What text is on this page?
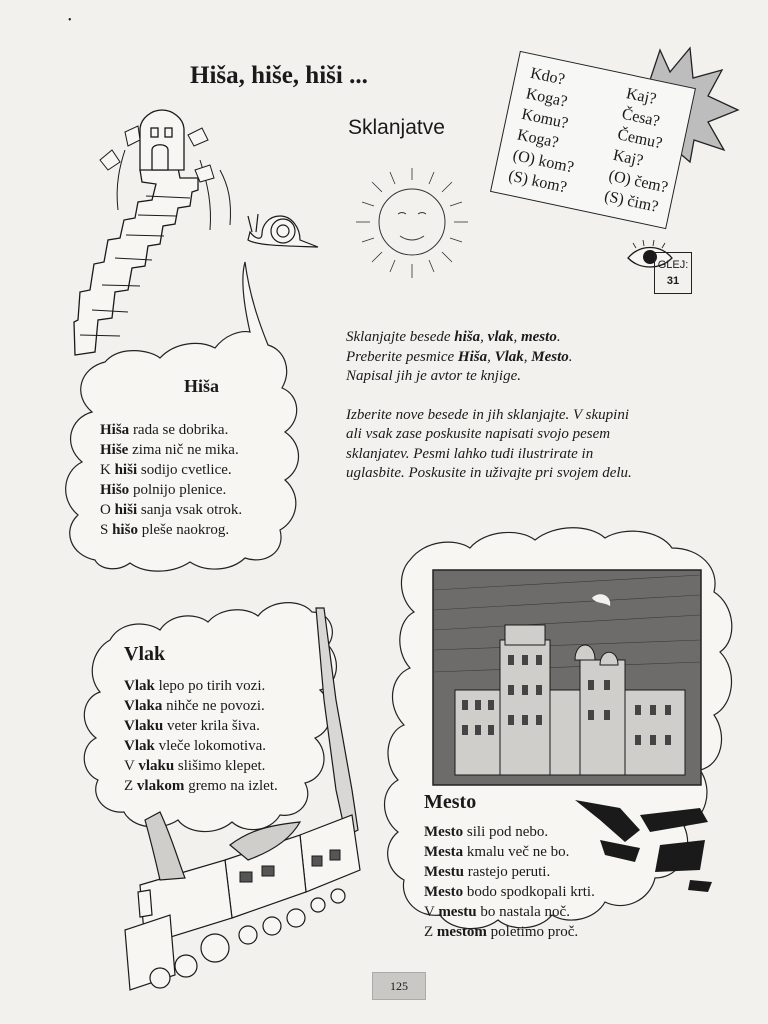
•
Hiša, hiše, hiši ...
Sklanjatve
Kdo?
Koga?
Komu?
Koga?
(O) kom?
(S) kom?
Kaj?
Česa?
Čemu?
Kaj?
(O) čem?
(S) čim?
GLEJ:
31

Sklanjajte besede hiša, vlak, mesto.
Preberite pesmice Hiša, Vlak, Mesto.
Napisal jih je avtor te knjige.

Izberite nove besede in jih sklanjajte. V skupini ali vsak zase poskusite napisati svojo pesem sklanjatev. Pesmi lahko tudi ilustrirate in uglasbite. Poskusite in uživajte pri svojem delu.

Hiša
Hiša rada se dobrika.
Hiše zima nič ne mika.
K hiši sodijo cvetlice.
Hišo polnijo plenice.
O hiši sanja vsak otrok.
S hišo pleše naokrog.
Vlak
Vlak lepo po tirih vozi.
Vlaka nihče ne povozi.
Vlaku veter krila šiva.
Vlak vleče lokomotiva.
V vlaku slišimo klepet.
Z vlakom gremo na izlet.
Mesto
Mesto sili pod nebo.
Mesta kmalu več ne bo.
Mestu rastejo peruti.
Mesto bodo spodkopali krti.
V mestu bo nastala noč.
Z mestom poletimo proč.
125
